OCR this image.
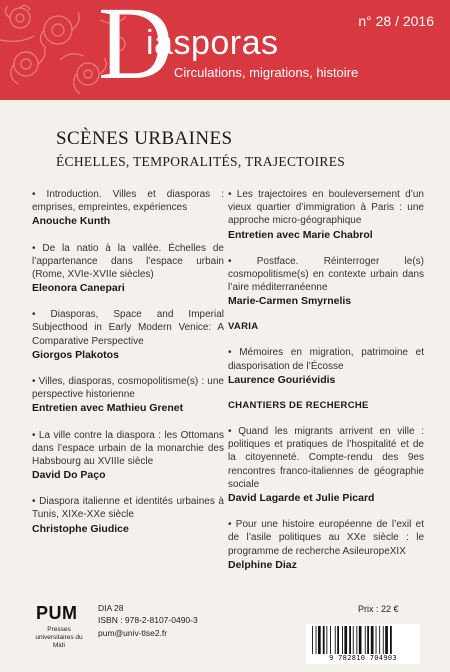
D
iasporas
Circulations, migrations, histoire
n° 28 / 2016
SCÈNES URBAINES
ÉCHELLES, TEMPORALITÉS, TRAJECTOIRES
• Introduction. Villes et diasporas : emprises, empreintes, expériences
Anouche Kunth
• De la natio à la vallée. Échelles de l’appartenance dans l’espace urbain (Rome, XVIe-XVIIe siècles)
Eleonora Canepari
• Diasporas, Space and Imperial Subjecthood in Early Modern Venice: A Comparative Perspective
Giorgos Plakotos
• Villes, diasporas, cosmopolitisme(s) : une perspective historienne
Entretien avec Mathieu Grenet
• La ville contre la diaspora : les Ottomans dans l’espace urbain de la monarchie des Habsbourg au XVIIIe siècle
David Do Paço
• Diaspora italienne et identités urbaines à Tunis, XIXe-XXe siècle
Christophe Giudice
• Les trajectoires en bouleversement d’un vieux quartier d’immigration à Paris : une approche micro-géographique
Entretien avec Marie Chabrol
• Postface. Réinterroger le(s) cosmopolitisme(s) en contexte urbain dans l’aire méditerranéenne
Marie-Carmen Smyrnelis
VARIA
• Mémoires en migration, patrimoine et diasporisation de l’Écosse
Laurence Gouriévidis
CHANTIERS DE RECHERCHE
• Quand les migrants arrivent en ville : politiques et pratiques de l’hospitalité et de la citoyenneté. Compte-rendu des 9es rencontres franco-italiennes de géographie sociale
David Lagarde et Julie Picard
• Pour une histoire européenne de l’exil et de l’asile politiques au XXe siècle : le programme de recherche AsileuropeXIX
Delphine Diaz
PUM
Presses universitaires du Midi
DIA 28
ISBN : 978-2-8107-0490-3
pum@univ-tlse2.fr
Prix : 22 €
9 782810 704903
